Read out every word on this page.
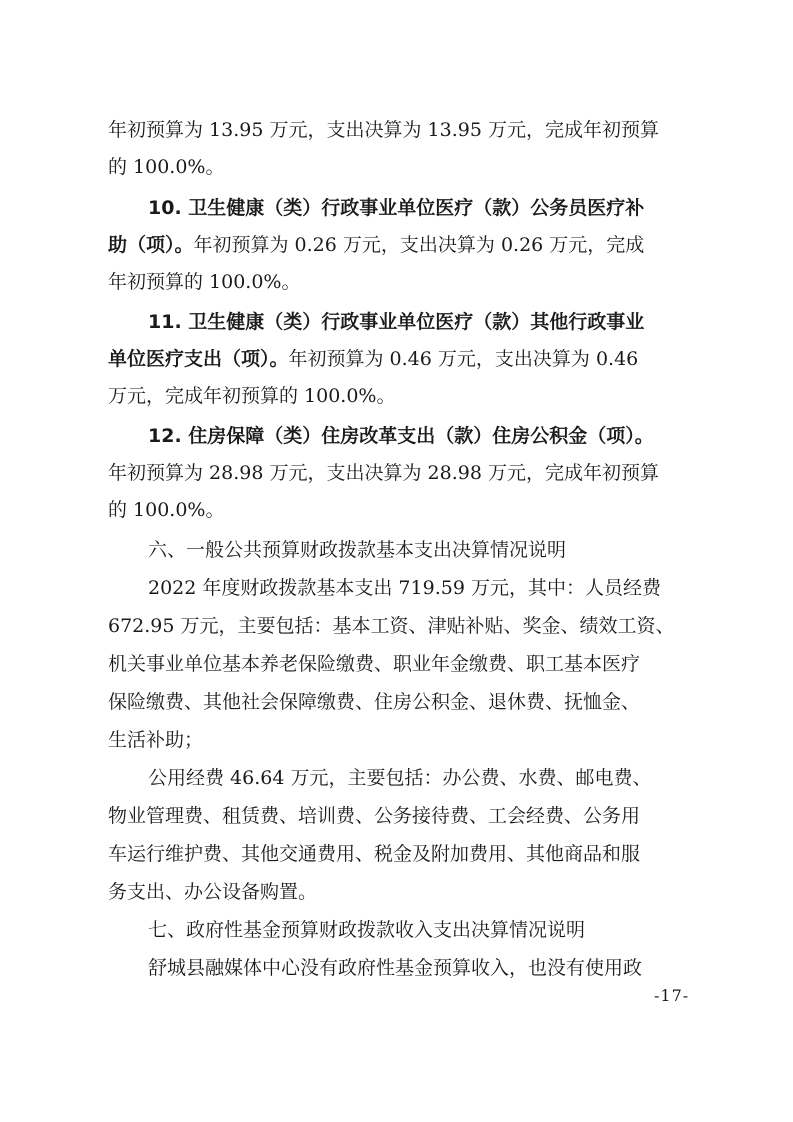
年初预算为 13.95 万元，支出决算为 13.95 万元，完成年初预算
的 100.0%。
10. 卫生健康（类）行政事业单位医疗（款）公务员医疗补
助（项）。年初预算为 0.26 万元，支出决算为 0.26 万元，完成
年初预算的 100.0%。
11. 卫生健康（类）行政事业单位医疗（款）其他行政事业
单位医疗支出（项）。年初预算为 0.46 万元，支出决算为 0.46
万元，完成年初预算的 100.0%。
12. 住房保障（类）住房改革支出（款）住房公积金（项）。
年初预算为 28.98 万元，支出决算为 28.98 万元，完成年初预算
的 100.0%。
六、一般公共预算财政拨款基本支出决算情况说明
2022 年度财政拨款基本支出 719.59 万元，其中：人员经费
672.95 万元，主要包括：基本工资、津贴补贴、奖金、绩效工资、
机关事业单位基本养老保险缴费、职业年金缴费、职工基本医疗
保险缴费、其他社会保障缴费、住房公积金、退休费、抚恤金、
生活补助；
公用经费 46.64 万元，主要包括：办公费、水费、邮电费、
物业管理费、租赁费、培训费、公务接待费、工会经费、公务用
车运行维护费、其他交通费用、税金及附加费用、其他商品和服
务支出、办公设备购置。
七、政府性基金预算财政拨款收入支出决算情况说明
舒城县融媒体中心没有政府性基金预算收入，也没有使用政
-17-
